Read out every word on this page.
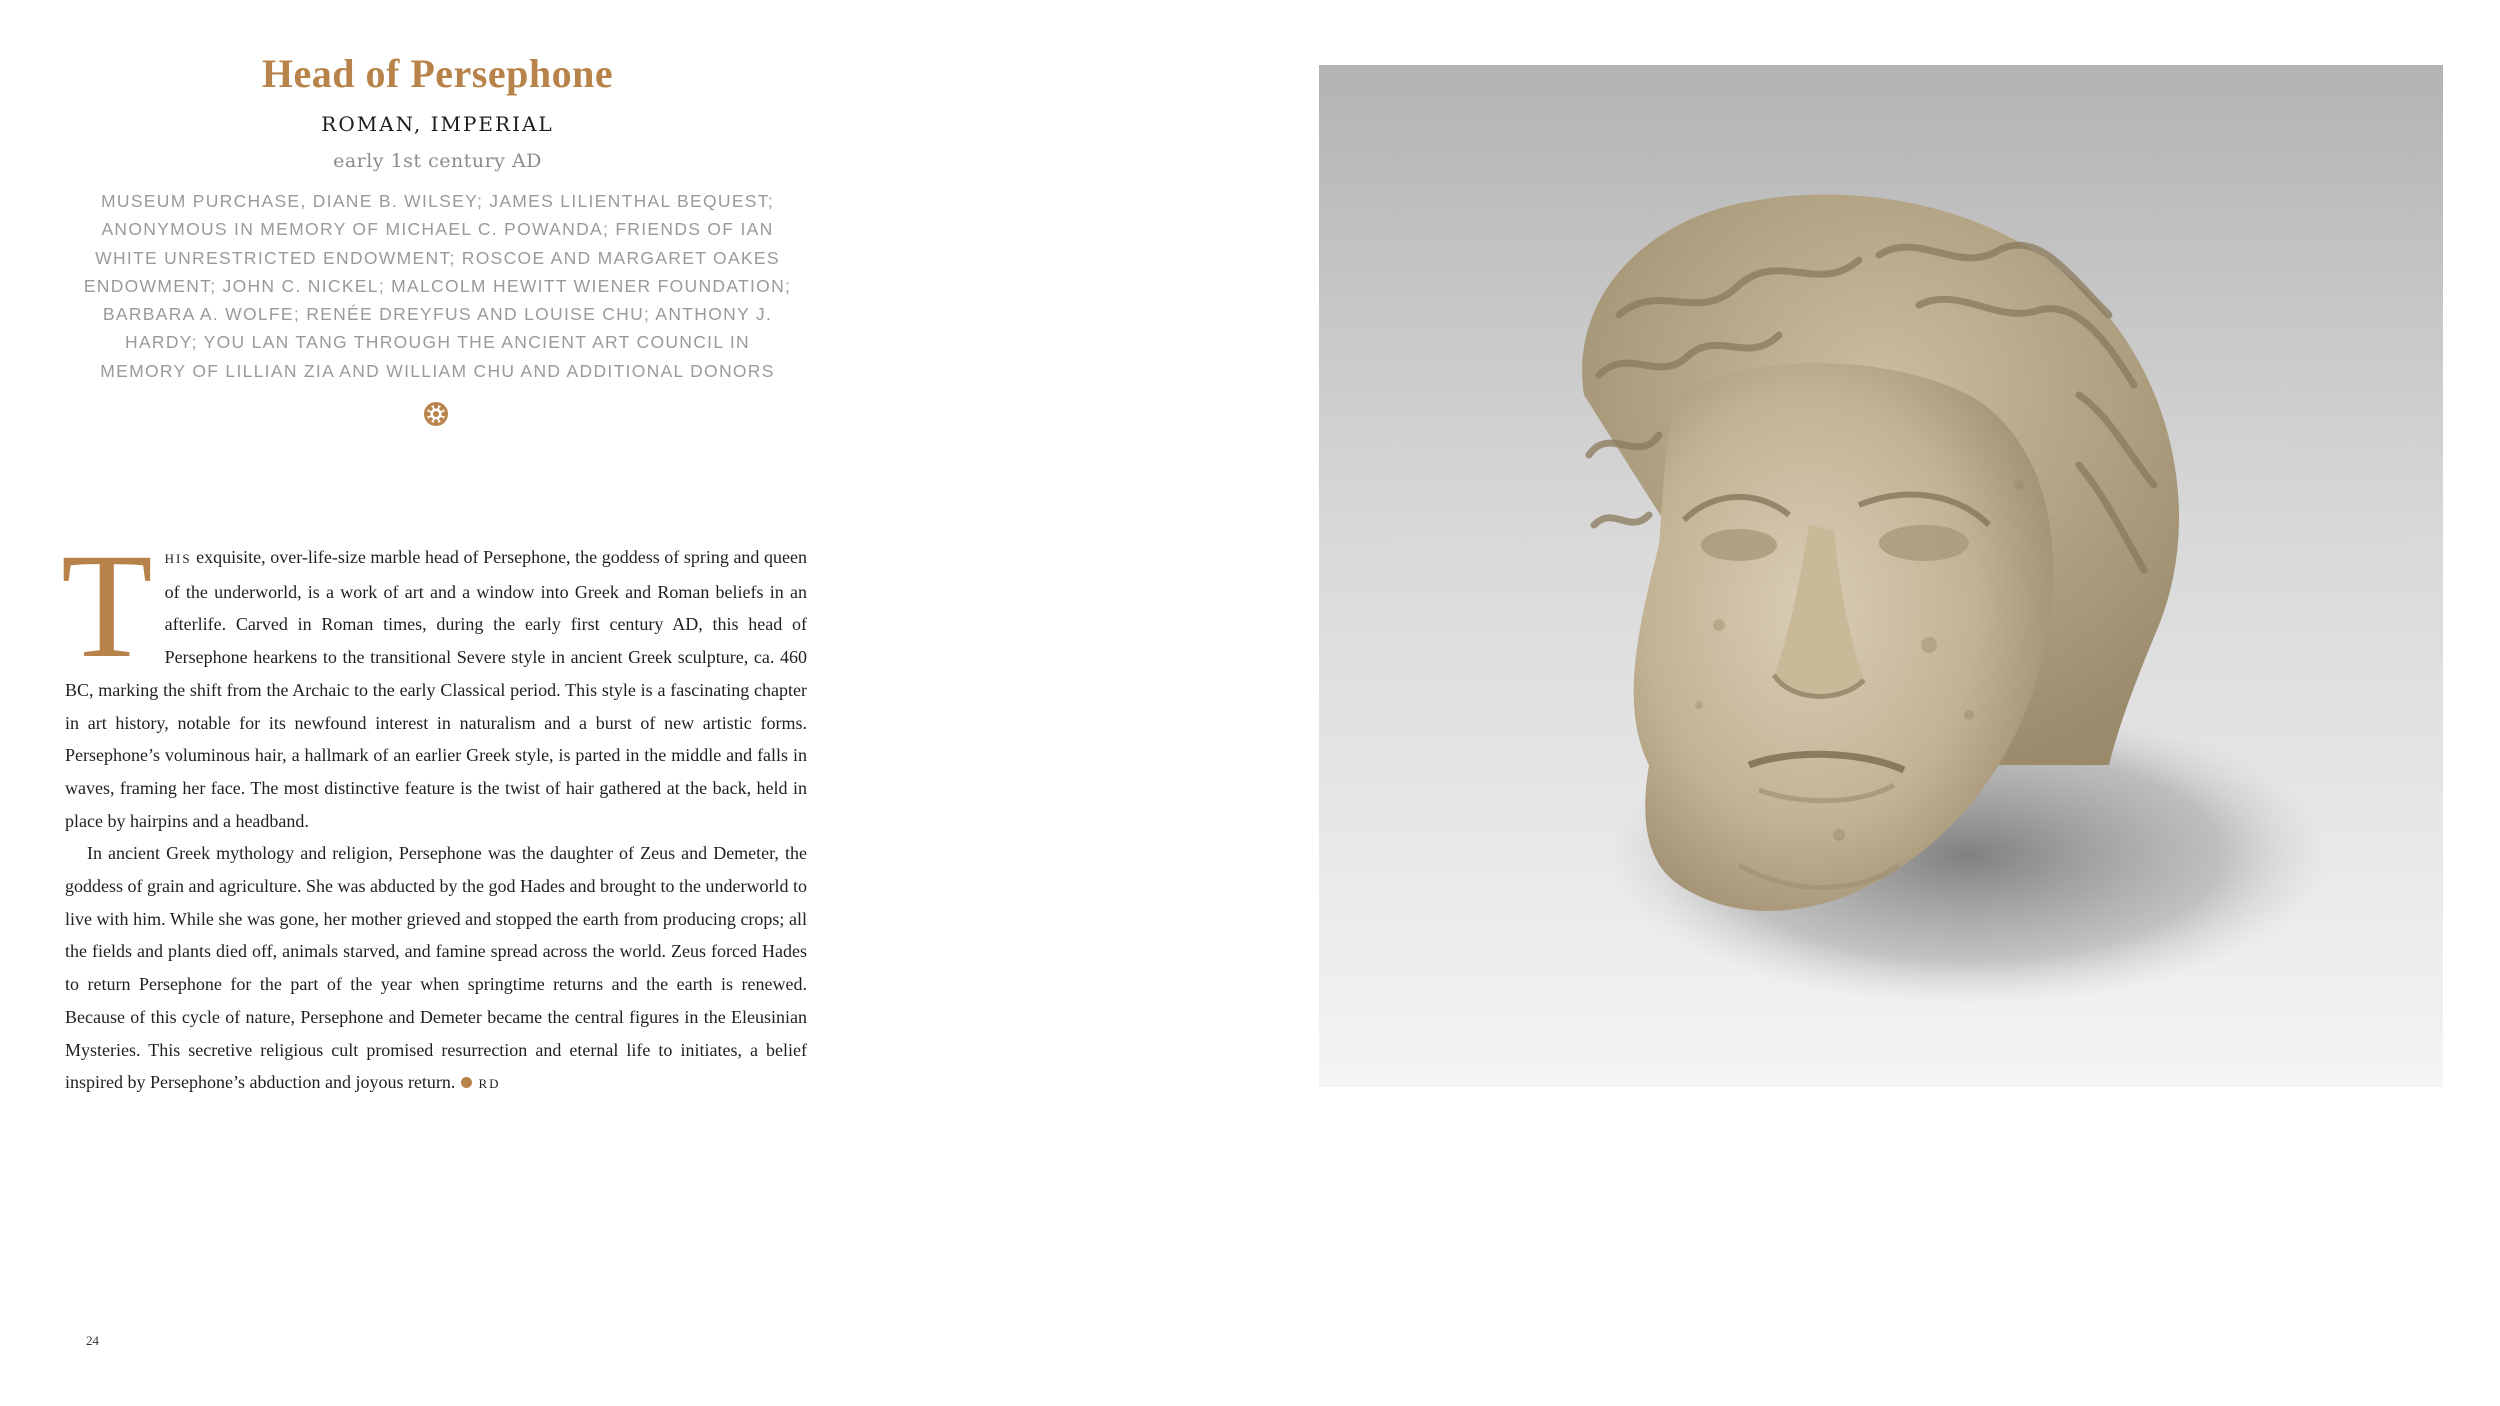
Head of Persephone
ROMAN, IMPERIAL
early 1st century AD
MUSEUM PURCHASE, DIANE B. WILSEY; JAMES LILIENTHAL BEQUEST; ANONYMOUS IN MEMORY OF MICHAEL C. POWANDA; FRIENDS OF IAN WHITE UNRESTRICTED ENDOWMENT; ROSCOE AND MARGARET OAKES ENDOWMENT; JOHN C. NICKEL; MALCOLM HEWITT WIENER FOUNDATION; BARBARA A. WOLFE; RENÉE DREYFUS AND LOUISE CHU; ANTHONY J. HARDY; YOU LAN TANG THROUGH THE ANCIENT ART COUNCIL IN MEMORY OF LILLIAN ZIA AND WILLIAM CHU AND ADDITIONAL DONORS

THIS exquisite, over-life-size marble head of Persephone, the goddess of spring and queen of the underworld, is a work of art and a window into Greek and Roman beliefs in an afterlife. Carved in Roman times, during the early first century AD, this head of Persephone hearkens to the transitional Severe style in ancient Greek sculpture, ca. 460 BC, marking the shift from the Archaic to the early Classical period. This style is a fascinating chapter in art history, notable for its newfound interest in naturalism and a burst of new artistic forms. Persephone’s voluminous hair, a hallmark of an earlier Greek style, is parted in the middle and falls in waves, framing her face. The most distinctive feature is the twist of hair gathered at the back, held in place by hairpins and a headband.

In ancient Greek mythology and religion, Persephone was the daughter of Zeus and Demeter, the goddess of grain and agriculture. She was abducted by the god Hades and brought to the underworld to live with him. While she was gone, her mother grieved and stopped the earth from producing crops; all the fields and plants died off, animals starved, and famine spread across the world. Zeus forced Hades to return Persephone for the part of the year when springtime returns and the earth is renewed. Because of this cycle of nature, Persephone and Demeter became the central figures in the Eleusinian Mysteries. This secretive religious cult promised resurrection and eternal life to initiates, a belief inspired by Persephone’s abduction and joyous return. RD

24
